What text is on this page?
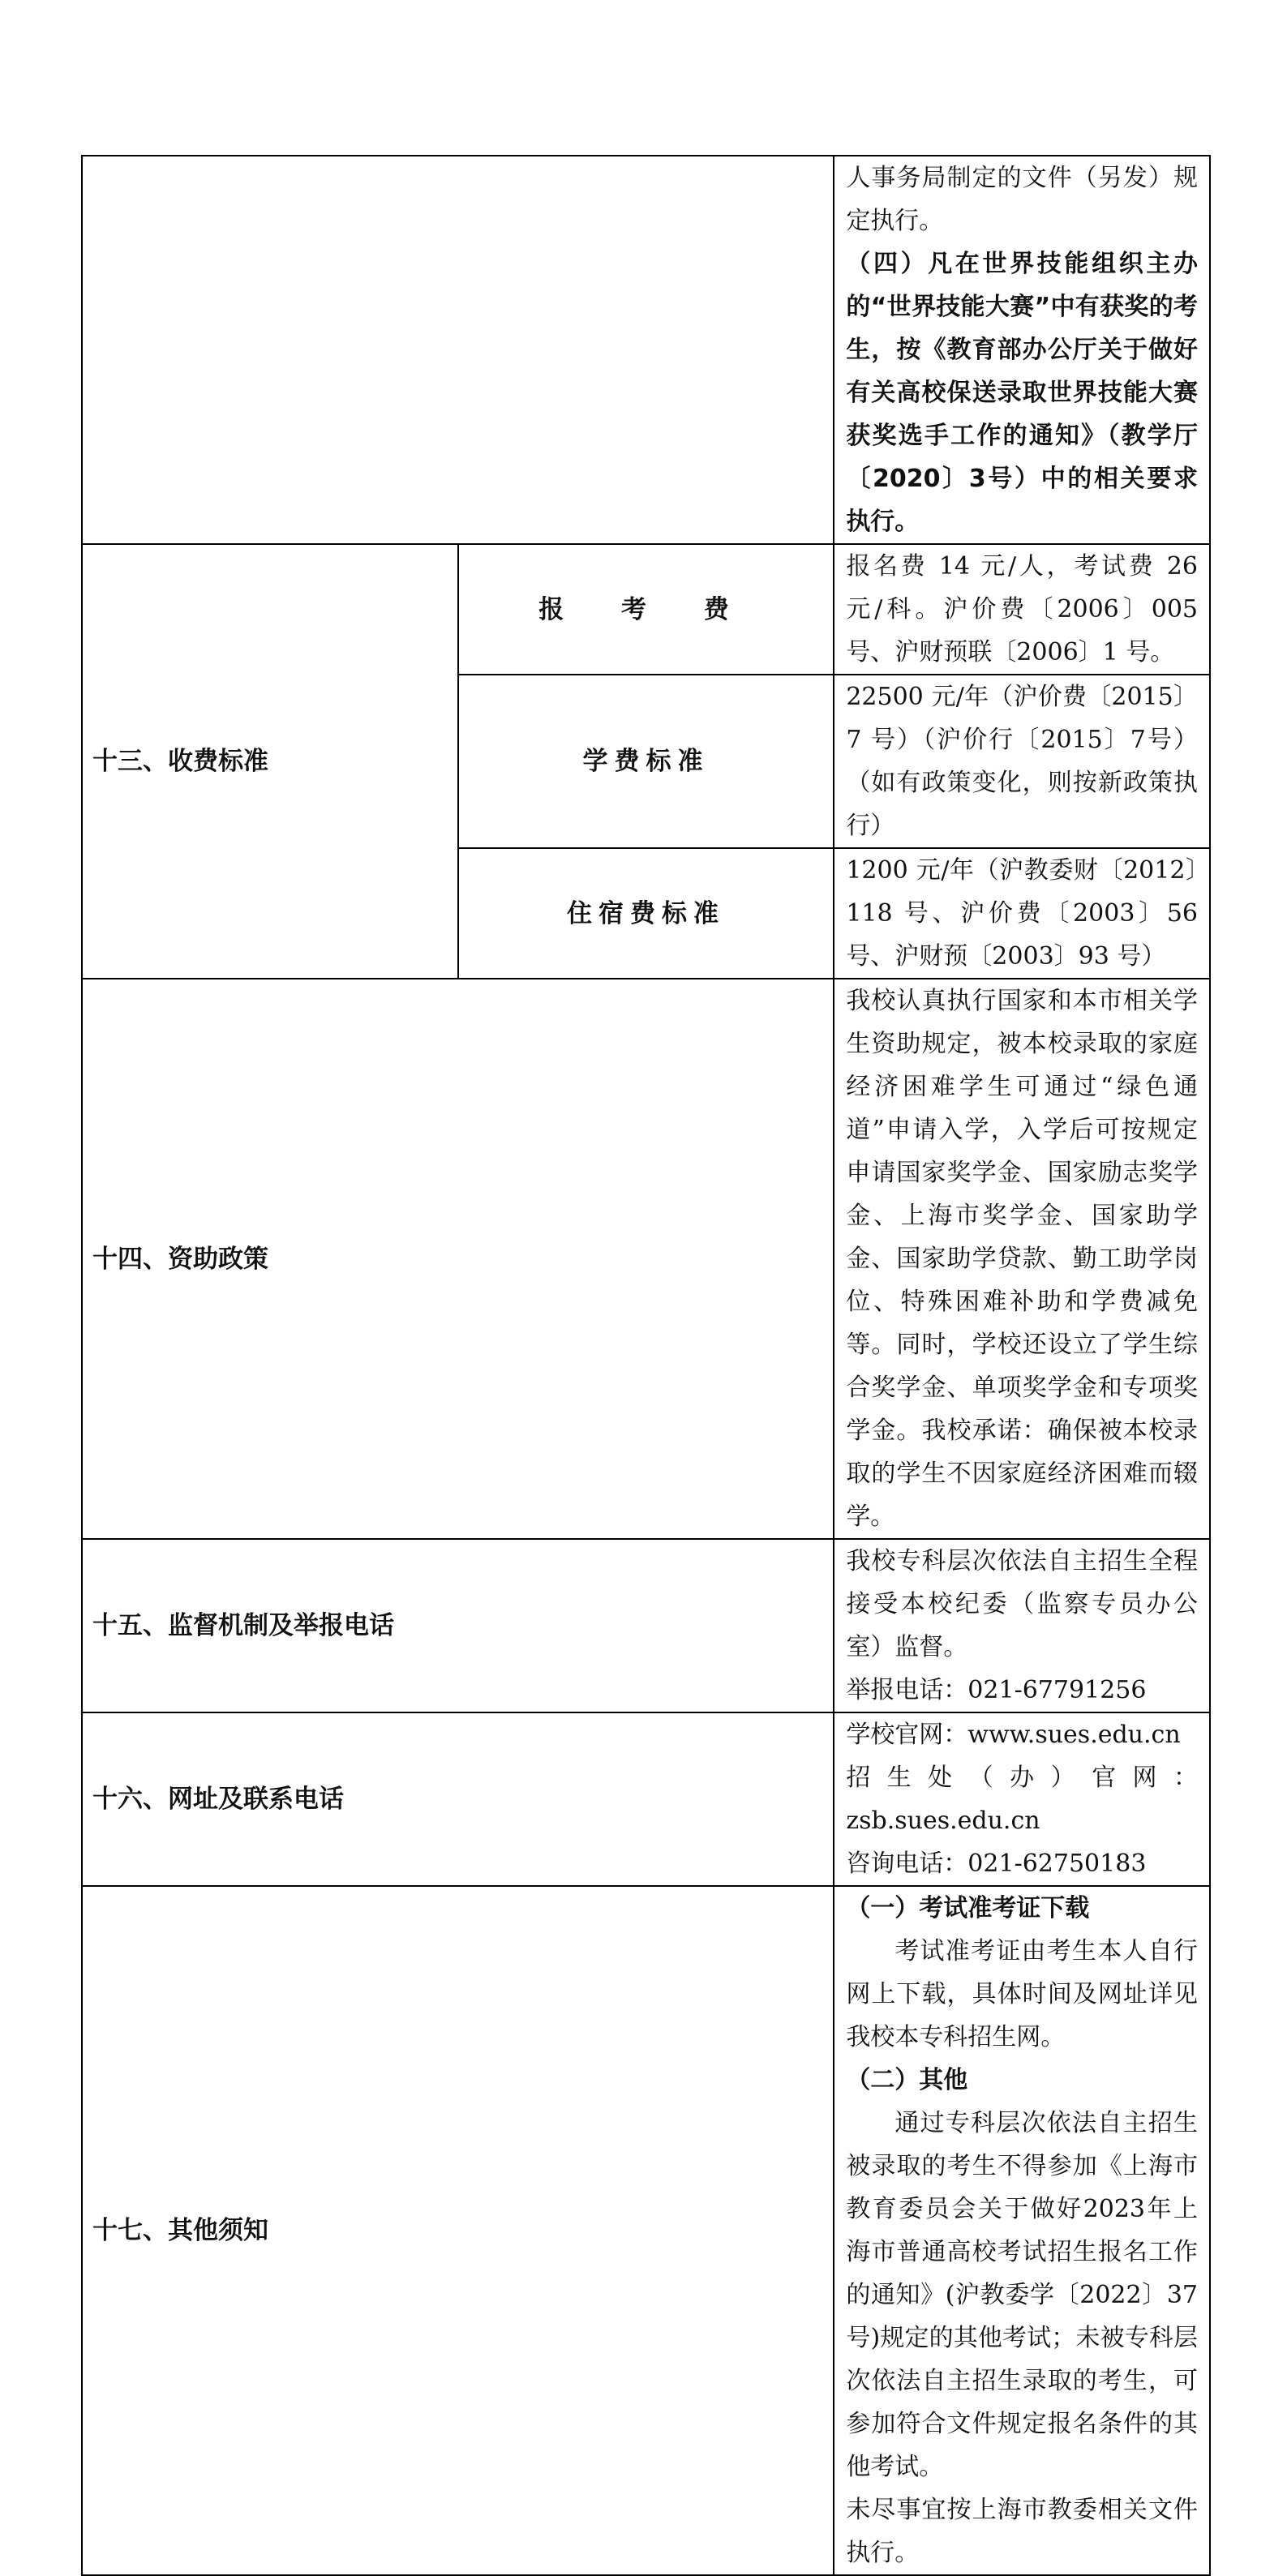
		人事务局制定的文件（另发）规定执行。

（四）凡在世界技能组织主办的“世界技能大赛”中有获奖的考生，按《教育部办公厅关于做好有关高校保送录取世界技能大赛获奖选手工作的通知》（教学厅〔2020〕3号）中的相关要求执行。

十三、收费标准	报 考 费	报名费 14 元/人，考试费 26 元/科。沪价费〔2006〕005号、沪财预联〔2006〕1 号。

	学费标准	22500 元/年（沪价费〔2015〕7 号）（沪价行〔2015〕7号）（如有政策变化，则按新政策执行）

	住宿费标准	1200 元/年（沪教委财〔2012〕118 号、沪价费〔2003〕56号、沪财预〔2003〕93 号）

十四、资助政策		我校认真执行国家和本市相关学生资助规定，被本校录取的家庭经济困难学生可通过“绿色通道”申请入学，入学后可按规定申请国家奖学金、国家励志奖学金、上海市奖学金、国家助学金、国家助学贷款、勤工助学岗位、特殊困难补助和学费减免等。同时，学校还设立了学生综合奖学金、单项奖学金和专项奖学金。我校承诺：确保被本校录取的学生不因家庭经济困难而辍学。

十五、监督机制及举报电话		我校专科层次依法自主招生全程接受本校纪委（监察专员办公室）监督。

举报电话：021-67791256

十六、网址及联系电话		学校官网：www.sues.edu.cn

招生处（办）官网：zsb.sues.edu.cn

咨询电话：021-62750183

十七、其他须知		（一）考试准考证下载

考试准考证由考生本人自行网上下载，具体时间及网址详见我校本专科招生网。

（二）其他

通过专科层次依法自主招生被录取的考生不得参加《上海市教育委员会关于做好2023年上海市普通高校考试招生报名工作的通知》(沪教委学〔2022〕37号)规定的其他考试；未被专科层次依法自主招生录取的考生，可参加符合文件规定报名条件的其他考试。

未尽事宜按上海市教委相关文件执行。
